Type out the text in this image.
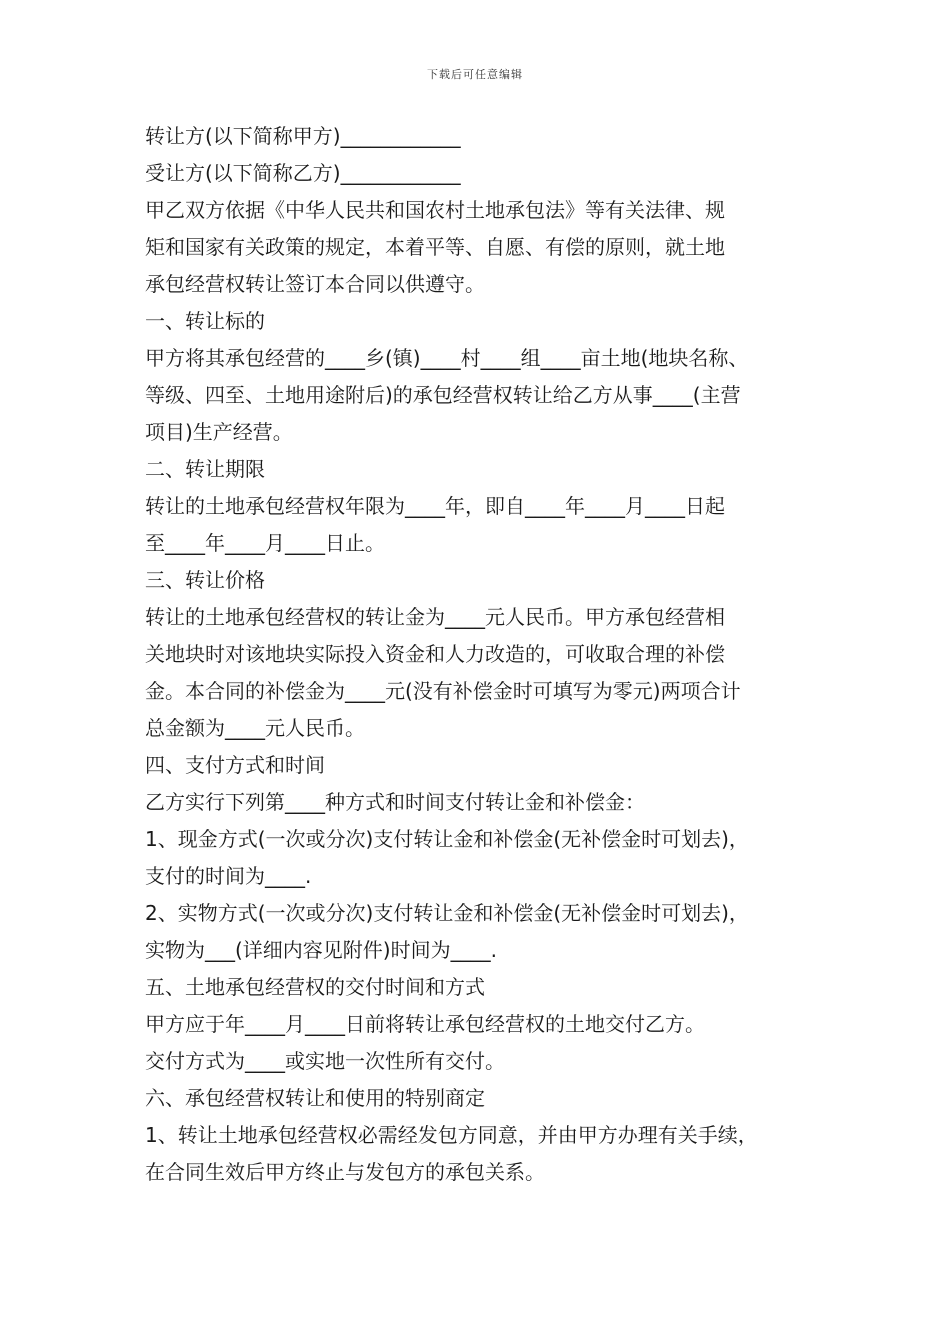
下载后可任意编辑

转让方(以下简称甲方)____________

受让方(以下简称乙方)____________

甲乙双方依据《中华人民共和国农村土地承包法》等有关法律、规

矩和国家有关政策的规定，本着平等、自愿、有偿的原则，就土地

承包经营权转让签订本合同以供遵守。

一、转让标的

甲方将其承包经营的____乡(镇)____村____组____亩土地(地块名称、

等级、四至、土地用途附后)的承包经营权转让给乙方从事____(主营

项目)生产经营。

二、转让期限

转让的土地承包经营权年限为____年，即自____年____月____日起

至____年____月____日止。

三、转让价格

转让的土地承包经营权的转让金为____元人民币。甲方承包经营相

关地块时对该地块实际投入资金和人力改造的，可收取合理的补偿

金。本合同的补偿金为____元(没有补偿金时可填写为零元)两项合计

总金额为____元人民币。

四、支付方式和时间

乙方实行下列第____种方式和时间支付转让金和补偿金：

1、现金方式(一次或分次)支付转让金和补偿金(无补偿金时可划去)，

支付的时间为____.

2、实物方式(一次或分次)支付转让金和补偿金(无补偿金时可划去)，

实物为___(详细内容见附件)时间为____.

五、土地承包经营权的交付时间和方式

甲方应于年____月____日前将转让承包经营权的土地交付乙方。

交付方式为____或实地一次性所有交付。

六、承包经营权转让和使用的特别商定

1、转让土地承包经营权必需经发包方同意，并由甲方办理有关手续，

在合同生效后甲方终止与发包方的承包关系。
